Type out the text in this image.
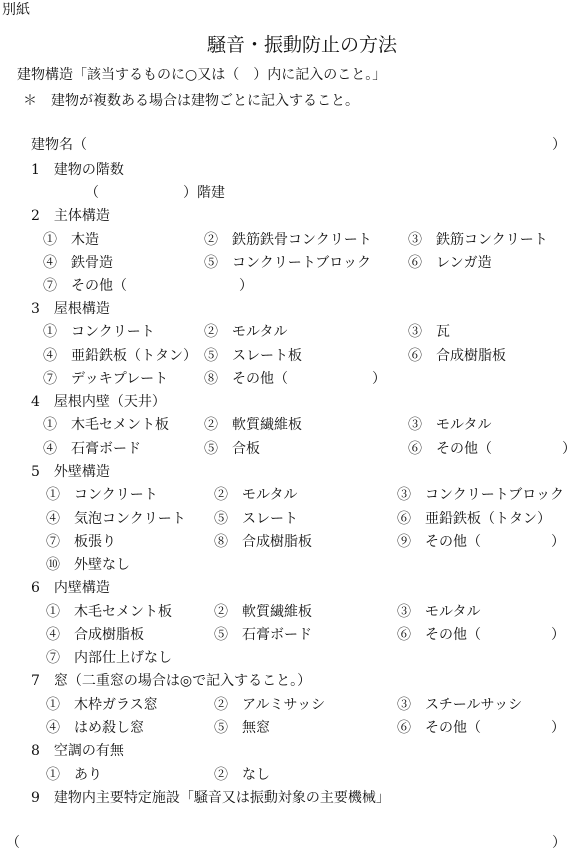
別紙
騒音・振動防止の方法
建物構造「該当するものに○又は（　）内に記入のこと。」
＊　建物が複数ある場合は建物ごとに記入すること。
建物名（	）
1　建物の階数
（　　　　　　）階建
2　主体構造
①　木造	②　鉄筋鉄骨コンクリート	③　鉄筋コンクリート
④　鉄骨造	⑤　コンクリートブロック	⑥　レンガ造
⑦　その他（　　　　　　　　）
3　屋根構造
①　コンクリート	②　モルタル	③　瓦
④　亜鉛鉄板（トタン） ⑤　スレート板	⑥　合成樹脂板
⑦　デッキプレート	⑧　その他（　　　　　　）
4　屋根内壁（天井）
①　木毛セメント板	②　軟質繊維板	③　モルタル
④　石膏ボード	⑤　合板	⑥　その他（　　　　　）
5　外壁構造
①　コンクリート	②　モルタル	③　コンクリートブロック
④　気泡コンクリート ⑤　スレート	⑥　亜鉛鉄板（トタン）
⑦　板張り	⑧　合成樹脂板	⑨　その他（　　　　　）
⑩　外壁なし
6　内壁構造
①　木毛セメント板	②　軟質繊維板	③　モルタル
④　合成樹脂板	⑤　石膏ボード	⑥　その他（　　　　　）
⑦　内部仕上げなし
7　窓（二重窓の場合は◎で記入すること。）
①　木枠ガラス窓	②　アルミサッシ	③　スチールサッシ
④　はめ殺し窓	⑤　無窓	⑥　その他（　　　　　）
8　空調の有無
①　あり	②　なし
9　建物内主要特定施設「騒音又は振動対象の主要機械」
（	）
